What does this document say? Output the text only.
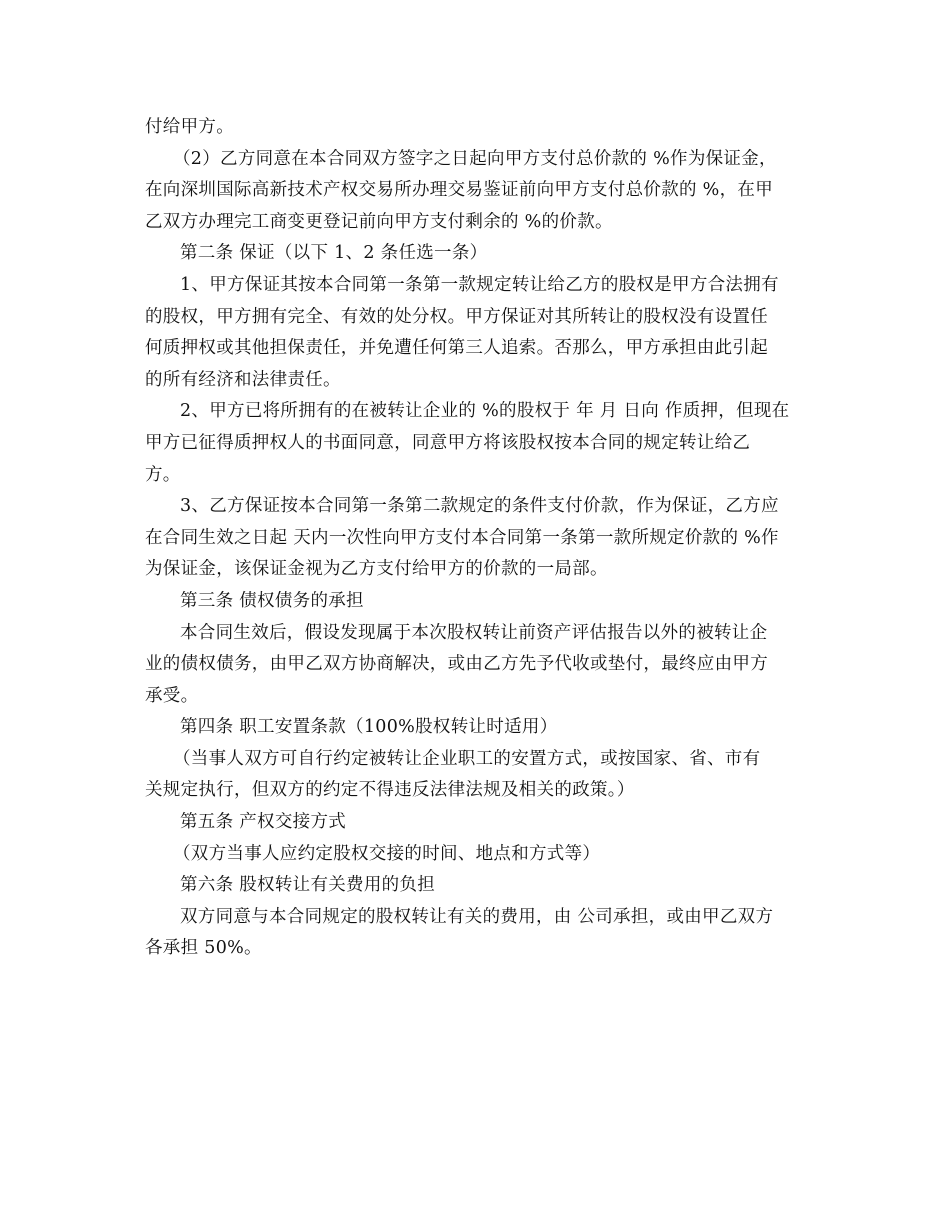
付给甲方。
（2）乙方同意在本合同双方签字之日起向甲方支付总价款的 %作为保证金，
在向深圳国际高新技术产权交易所办理交易鉴证前向甲方支付总价款的 %，在甲
乙双方办理完工商变更登记前向甲方支付剩余的 %的价款。
第二条 保证（以下 1、2 条任选一条）
1、甲方保证其按本合同第一条第一款规定转让给乙方的股权是甲方合法拥有
的股权，甲方拥有完全、有效的处分权。甲方保证对其所转让的股权没有设置任
何质押权或其他担保责任，并免遭任何第三人追索。否那么，甲方承担由此引起
的所有经济和法律责任。
2、甲方已将所拥有的在被转让企业的 %的股权于 年 月 日向 作质押，但现在
甲方已征得质押权人的书面同意，同意甲方将该股权按本合同的规定转让给乙
方。
3、乙方保证按本合同第一条第二款规定的条件支付价款，作为保证，乙方应
在合同生效之日起 天内一次性向甲方支付本合同第一条第一款所规定价款的 %作
为保证金，该保证金视为乙方支付给甲方的价款的一局部。
第三条 债权债务的承担
本合同生效后，假设发现属于本次股权转让前资产评估报告以外的被转让企
业的债权债务，由甲乙双方协商解决，或由乙方先予代收或垫付，最终应由甲方
承受。
第四条 职工安置条款（100%股权转让时适用）
（当事人双方可自行约定被转让企业职工的安置方式，或按国家、省、市有
关规定执行，但双方的约定不得违反法律法规及相关的政策。）
第五条 产权交接方式
（双方当事人应约定股权交接的时间、地点和方式等）
第六条 股权转让有关费用的负担
双方同意与本合同规定的股权转让有关的费用，由 公司承担，或由甲乙双方
各承担 50%。
